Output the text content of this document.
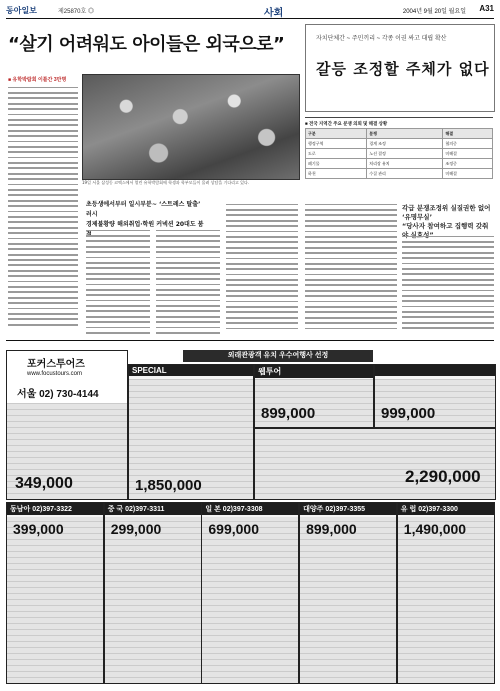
동아일보	제25870호 ◎	사회	2004년 9월 20일 월요일 A31
“살기 어려워도 아이들은 외국으로”	자치단체간 ~ 주민끼리 ~ 각종 이권 싸고 대립 확산
갈등 조정할 주체가 없다
■ 유학박람회 이틀간 3만명
19일 서울 삼성동 코엑스에서 열린 유학박람회에 학생과 학부모들이 몰려 상담을 기다리고 있다.
초등생에서부터 일시부분~ ‘스트레스 탈출’ 러시
경제불황량 해외취업·학원 커넥션 20대도 붐
■ 전국 지역간 주요 분쟁 의뢰 및 해결 상황
구분	분쟁	해결
행정구역	경계 조정	협의중
도로	노선 결정	미해결
폐기물	처리장 유치	조정중
하천	수질 관리	미해결
각급 분쟁조정위 실질권한 없어 ‘유명무실’
“당사자 참여하고 집행력 갖춰
포커스투어즈
www.focustours.com
서울 02) 730-4144
349,000
외래관광객 유치 우수여행사 선정
SPECIAL
1,850,000
웹투어
899,000
	999,000
2,290,000
동남아 02)397-3322
399,000
중 국 02)397-3311
299,000
일 본 02)397-3308
699,000
대양주 02)397-3355
899,000
유 럽 02)397-3300
1,490,000
